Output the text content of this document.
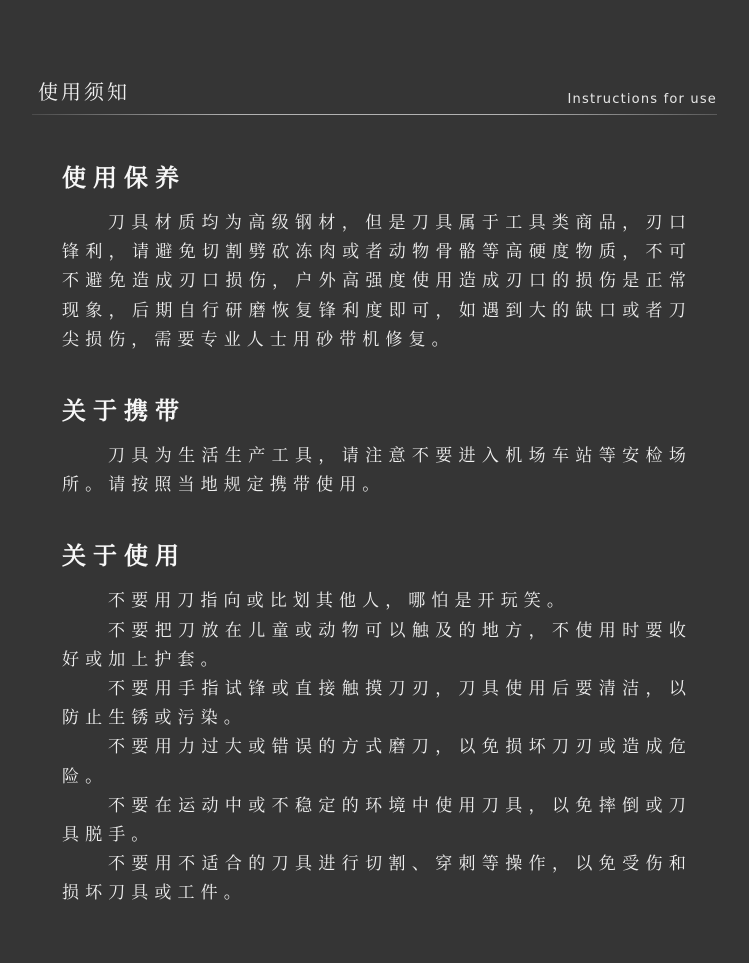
使用须知	Instructions for use
使用保养

刀具材质均为高级钢材，但是刀具属于工具类商品，刃口锋利，请避免切割劈砍冻肉或者动物骨骼等高硬度物质，不可不避免造成刃口损伤，户外高强度使用造成刃口的损伤是正常现象，后期自行研磨恢复锋利度即可，如遇到大的缺口或者刀尖损伤，需要专业人士用砂带机修复。

关于携带

刀具为生活生产工具，请注意不要进入机场车站等安检场所。请按照当地规定携带使用。

关于使用

不要用刀指向或比划其他人，哪怕是开玩笑。

不要把刀放在儿童或动物可以触及的地方，不使用时要收好或加上护套。

不要用手指试锋或直接触摸刀刃，刀具使用后要清洁，以防止生锈或污染。

不要用力过大或错误的方式磨刀，以免损坏刀刃或造成危险。

不要在运动中或不稳定的环境中使用刀具，以免摔倒或刀具脱手。

不要用不适合的刀具进行切割、穿刺等操作，以免受伤和损坏刀具或工件。
